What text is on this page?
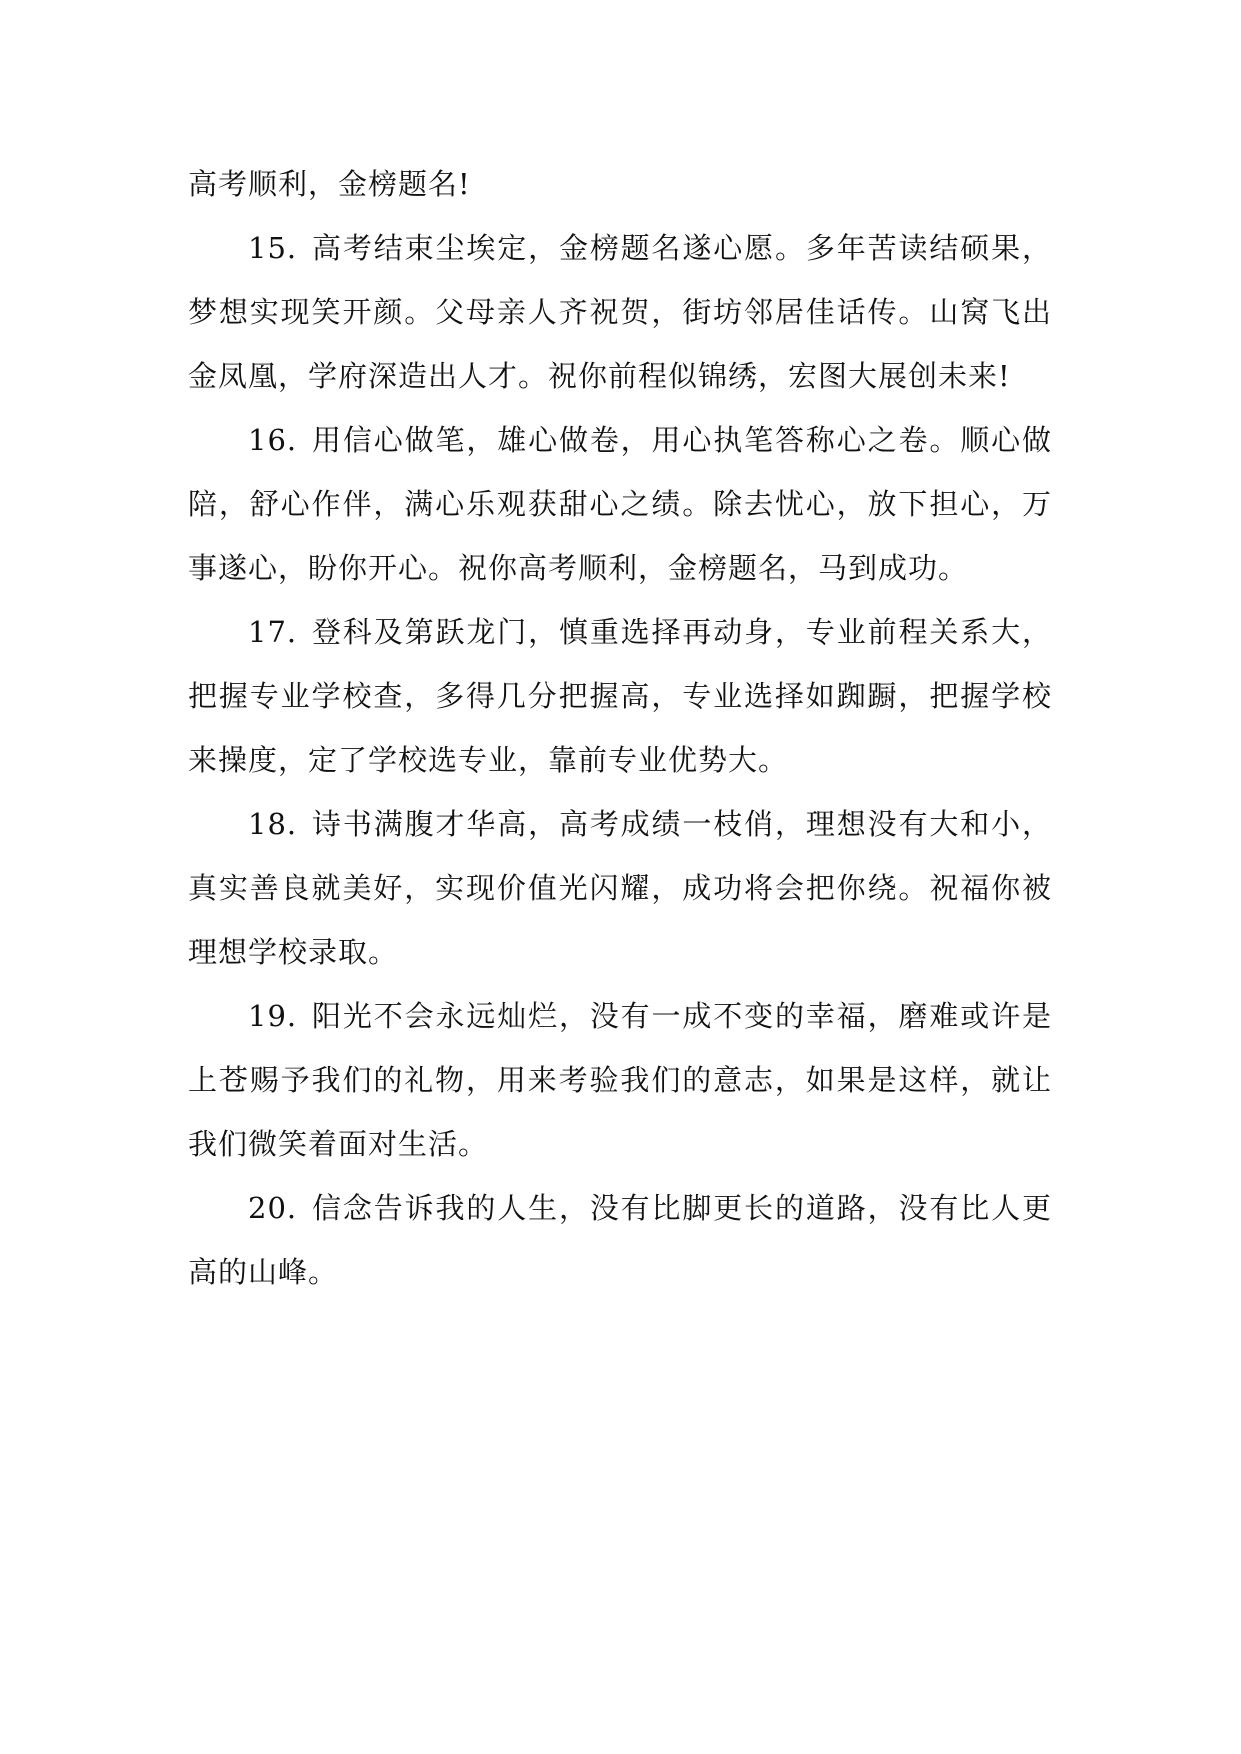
高考顺利，金榜题名!

15. 高考结束尘埃定，金榜题名遂心愿。多年苦读结硕果，梦想实现笑开颜。父母亲人齐祝贺，街坊邻居佳话传。山窝飞出金凤凰，学府深造出人才。祝你前程似锦绣，宏图大展创未来!

16. 用信心做笔，雄心做卷，用心执笔答称心之卷。顺心做陪，舒心作伴，满心乐观获甜心之绩。除去忧心，放下担心，万事遂心，盼你开心。祝你高考顺利，金榜题名，马到成功。

17. 登科及第跃龙门，慎重选择再动身，专业前程关系大，把握专业学校查，多得几分把握高，专业选择如踟蹰，把握学校来操度，定了学校选专业，靠前专业优势大。

18. 诗书满腹才华高，高考成绩一枝俏，理想没有大和小，真实善良就美好，实现价值光闪耀，成功将会把你绕。祝福你被理想学校录取。

19. 阳光不会永远灿烂，没有一成不变的幸福，磨难或许是上苍赐予我们的礼物，用来考验我们的意志，如果是这样，就让我们微笑着面对生活。

20. 信念告诉我的人生，没有比脚更长的道路，没有比人更高的山峰。
